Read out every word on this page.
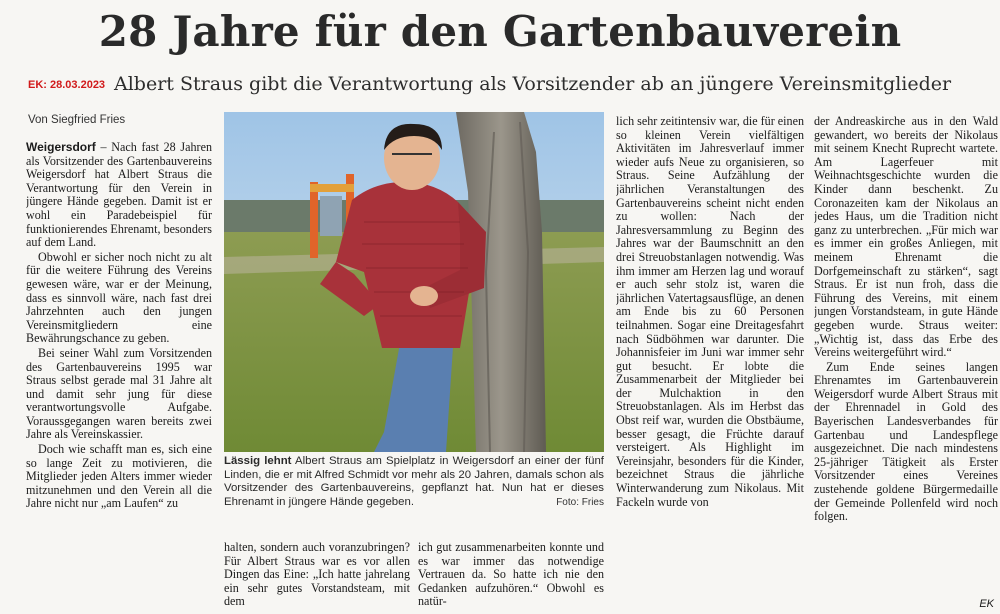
28 Jahre für den Gartenbauverein
EK: 28.03.2023 Albert Straus gibt die Verantwortung als Vorsitzender ab an jüngere Vereinsmitglieder
Von Siegfried Fries

Weigersdorf – Nach fast 28 Jahren als Vorsitzender des Gartenbauvereins Weigersdorf hat Albert Straus die Verantwortung für den Verein in jüngere Hände gegeben. Damit ist er wohl ein Paradebeispiel für funktionierendes Ehrenamt, besonders auf dem Land.

Obwohl er sicher noch nicht zu alt für die weitere Führung des Vereins gewesen wäre, war er der Meinung, dass es sinnvoll wäre, nach fast drei Jahrzehnten auch den jungen Vereinsmitgliedern eine Bewährungschance zu geben.

Bei seiner Wahl zum Vorsitzenden des Gartenbauvereins 1995 war Straus selbst gerade mal 31 Jahre alt und damit sehr jung für diese verantwortungsvolle Aufgabe. Voraussgegangen waren bereits zwei Jahre als Vereinskassier.

Doch wie schafft man es, sich eine so lange Zeit zu motivieren, die Mitglieder jeden Alters immer wieder mitzunehmen und den Verein all die Jahre nicht nur „am Laufen“ zu

Lässig lehnt Albert Straus am Spielplatz in Weigersdorf an einer der fünf Linden, die er mit Alfred Schmidt vor mehr als 20 Jahren, damals schon als Vorsitzender des Gartenbauvereins, gepflanzt hat. Nun hat er dieses Ehrenamt in jüngere Hände gegeben.	Foto: Fries

halten, sondern auch voranzubringen? Für Albert Straus war es vor allen Dingen das Eine: „Ich hatte jahrelang ein sehr gutes Vorstandsteam, mit dem

ich gut zusammenarbeiten konnte und es war immer das notwendige Vertrauen da. So hatte ich nie den Gedanken aufzuhören.“ Obwohl es natür-

lich sehr zeitintensiv war, die für einen so kleinen Verein vielfältigen Aktivitäten im Jahresverlauf immer wieder aufs Neue zu organisieren, so Straus. Seine Aufzählung der jährlichen Veranstaltungen des Gartenbauvereins scheint nicht enden zu wollen: Nach der Jahresversammlung zu Beginn des Jahres war der Baumschnitt an den drei Streuobstanlagen notwendig. Was ihm immer am Herzen lag und worauf er auch sehr stolz ist, waren die jährlichen Vatertagsausflüge, an denen am Ende bis zu 60 Personen teilnahmen. Sogar eine Dreitagesfahrt nach Südböhmen war darunter. Die Johannisfeier im Juni war immer sehr gut besucht. Er lobte die Zusammenarbeit der Mitglieder bei der Mulchaktion in den Streuobstanlagen. Als im Herbst das Obst reif war, wurden die Obstbäume, besser gesagt, die Früchte darauf versteigert. Als Highlight im Vereinsjahr, besonders für die Kinder, bezeichnet Straus die jährliche Winterwanderung zum Nikolaus. Mit Fackeln wurde von

der Andreaskirche aus in den Wald gewandert, wo bereits der Nikolaus mit seinem Knecht Ruprecht wartete. Am Lagerfeuer mit Weihnachtsgeschichte wurden die Kinder dann beschenkt. Zu Coronazeiten kam der Nikolaus an jedes Haus, um die Tradition nicht ganz zu unterbrechen. „Für mich war es immer ein großes Anliegen, mit meinem Ehrenamt die Dorfgemeinschaft zu stärken“, sagt Straus. Er ist nun froh, dass die Führung des Vereins, mit einem jungen Vorstandsteam, in gute Hände gegeben wurde. Straus weiter: „Wichtig ist, dass das Erbe des Vereins weitergeführt wird.“

Zum Ende seines langen Ehrenamtes im Gartenbauverein Weigersdorf wurde Albert Straus mit der Ehrennadel in Gold des Bayerischen Landesverbandes für Gartenbau und Landespflege ausgezeichnet. Die nach mindestens 25-jähriger Tätigkeit als Erster Vorsitzender eines Vereines zustehende goldene Bürgermedaille der Gemeinde Pollenfeld wird noch folgen.

EK
